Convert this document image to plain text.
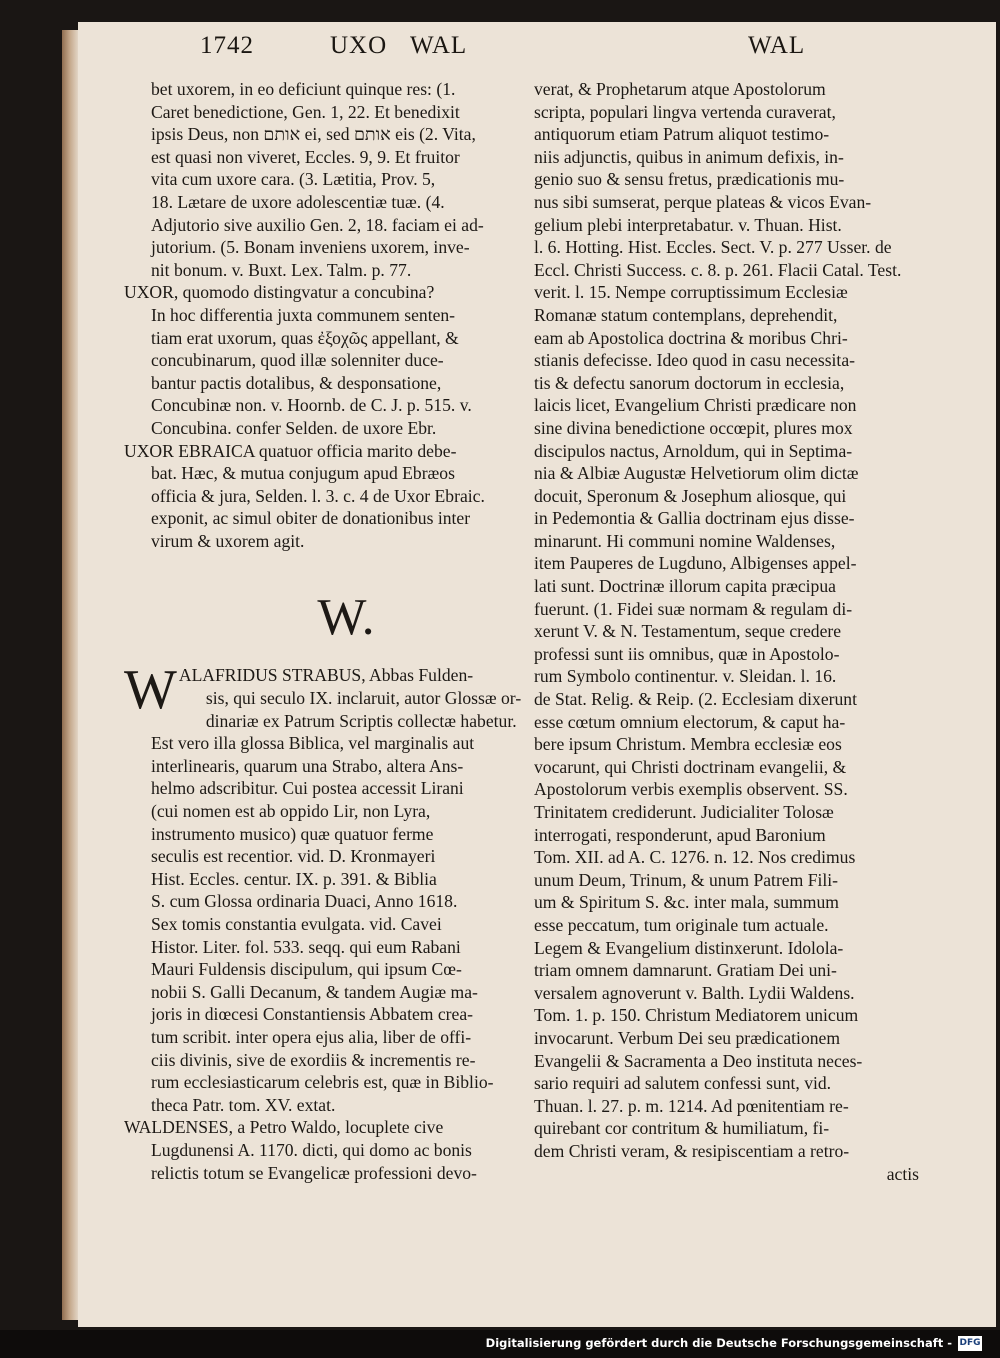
1742	UXO WAL	WAL
bet uxorem, in eo deficiunt quinque res: (1.
Caret benedictione, Gen. 1, 22. Et benedixit
ipsis Deus, non אותם ei, sed אותם eis (2. Vita,
est quasi non viveret, Eccles. 9, 9. Et fruitor
vita cum uxore cara. (3. Lætitia, Prov. 5,
18. Lætare de uxore adolescentiæ tuæ. (4.
Adjutorio sive auxilio Gen. 2, 18. faciam ei ad-
jutorium. (5. Bonam inveniens uxorem, inve-
nit bonum. v. Buxt. Lex. Talm. p. 77.
UXOR, quomodo distingvatur a concubina?
In hoc differentia juxta communem senten-
tiam erat uxorum, quas ἐξοχῶς appellant, &
concubinarum, quod illæ solenniter duce-
bantur pactis dotalibus, & desponsatione,
Concubinæ non. v. Hoornb. de C. J. p. 515. v.
Concubina. confer Selden. de uxore Ebr.
UXOR EBRAICA quatuor officia marito debe-
bat. Hæc, & mutua conjugum apud Ebræos
officia & jura, Selden. l. 3. c. 4 de Uxor Ebraic.
exponit, ac simul obiter de donationibus inter
virum & uxorem agit.
W.
WALAFRIDUS STRABUS, Abbas Fulden-
sis, qui seculo IX. inclaruit, autor Glossæ or-
dinariæ ex Patrum Scriptis collectæ habetur.
Est vero illa glossa Biblica, vel marginalis aut
interlinearis, quarum una Strabo, altera Ans-
helmo adscribitur. Cui postea accessit Lirani
(cui nomen est ab oppido Lir, non Lyra,
instrumento musico) quæ quatuor ferme
seculis est recentior. vid. D. Kronmayeri
Hist. Eccles. centur. IX. p. 391. & Biblia
S. cum Glossa ordinaria Duaci, Anno 1618.
Sex tomis constantia evulgata. vid. Cavei
Histor. Liter. fol. 533. seqq. qui eum Rabani
Mauri Fuldensis discipulum, qui ipsum Cœ-
nobii S. Galli Decanum, & tandem Augiæ ma-
joris in diœcesi Constantiensis Abbatem crea-
tum scribit. inter opera ejus alia, liber de offi-
ciis divinis, sive de exordiis & incrementis re-
rum ecclesiasticarum celebris est, quæ in Biblio-
theca Patr. tom. XV. extat.
WALDENSES, a Petro Waldo, locuplete cive
Lugdunensi A. 1170. dicti, qui domo ac bonis
relictis totum se Evangelicæ professioni devo-
verat, & Prophetarum atque Apostolorum
scripta, populari lingva vertenda curaverat,
antiquorum etiam Patrum aliquot testimo-
niis adjunctis, quibus in animum defixis, in-
genio suo & sensu fretus, prædicationis mu-
nus sibi sumserat, perque plateas & vicos Evan-
gelium plebi interpretabatur. v. Thuan. Hist.
l. 6. Hotting. Hist. Eccles. Sect. V. p. 277 Usser. de
Eccl. Christi Success. c. 8. p. 261. Flacii Catal. Test.
verit. l. 15. Nempe corruptissimum Ecclesiæ
Romanæ statum contemplans, deprehendit,
eam ab Apostolica doctrina & moribus Chri-
stianis defecisse. Ideo quod in casu necessita-
tis & defectu sanorum doctorum in ecclesia,
laicis licet, Evangelium Christi prædicare non
sine divina benedictione occœpit, plures mox
discipulos nactus, Arnoldum, qui in Septima-
nia & Albiæ Augustæ Helvetiorum olim dictæ
docuit, Speronum & Josephum aliosque, qui
in Pedemontia & Gallia doctrinam ejus disse-
minarunt. Hi communi nomine Waldenses,
item Pauperes de Lugduno, Albigenses appel-
lati sunt. Doctrinæ illorum capita præcipua
fuerunt. (1. Fidei suæ normam & regulam di-
xerunt V. & N. Testamentum, seque credere
professi sunt iis omnibus, quæ in Apostolo-
rum Symbolo continentur. v. Sleidan. l. 16.
de Stat. Relig. & Reip. (2. Ecclesiam dixerunt
esse cœtum omnium electorum, & caput ha-
bere ipsum Christum. Membra ecclesiæ eos
vocarunt, qui Christi doctrinam evangelii, &
Apostolorum verbis exemplis observent. SS.
Trinitatem crediderunt. Judicialiter Tolosæ
interrogati, responderunt, apud Baronium
Tom. XII. ad A. C. 1276. n. 12. Nos credimus
unum Deum, Trinum, & unum Patrem Fili-
um & Spiritum S. &c. inter mala, summum
esse peccatum, tum originale tum actuale.
Legem & Evangelium distinxerunt. Idolola-
triam omnem damnarunt. Gratiam Dei uni-
versalem agnoverunt v. Balth. Lydii Waldens.
Tom. 1. p. 150. Christum Mediatorem unicum
invocarunt. Verbum Dei seu prædicationem
Evangelii & Sacramenta a Deo instituta neces-
sario requiri ad salutem confessi sunt, vid.
Thuan. l. 27. p. m. 1214. Ad pœnitentiam re-
quirebant cor contritum & humiliatum, fi-
dem Christi veram, & resipiscentiam a retro-
actis
Digitalisierung gefördert durch die Deutsche Forschungsgemeinschaft - DFG
